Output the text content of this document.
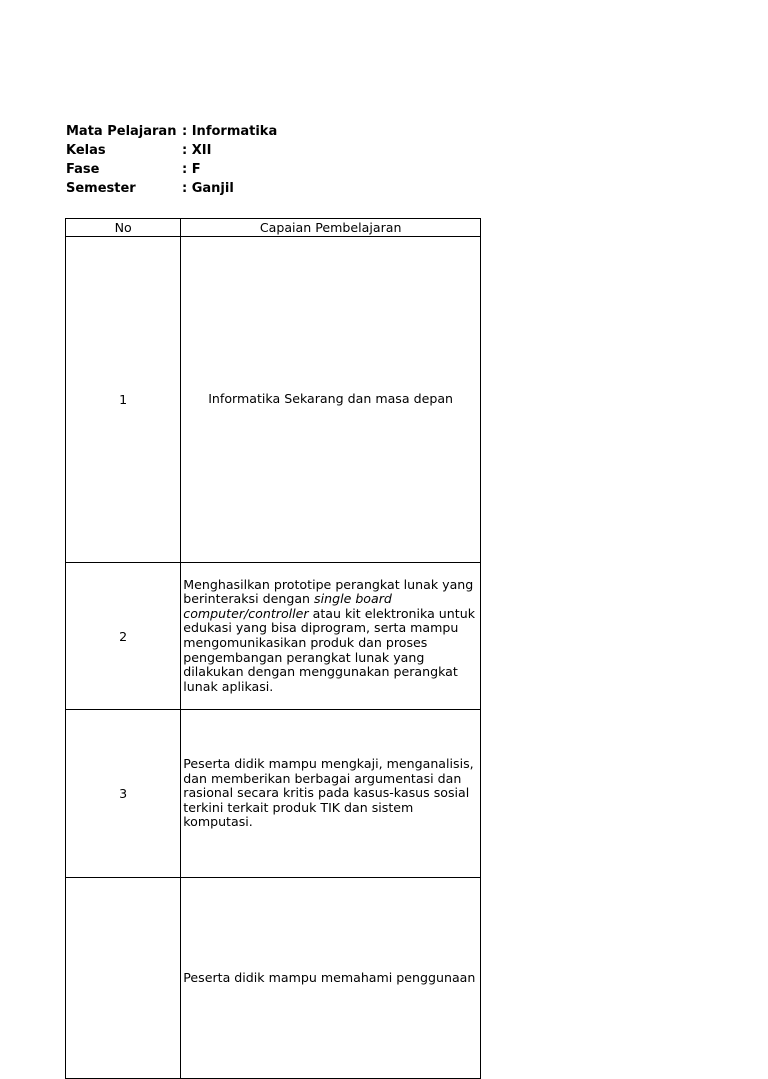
Mata Pelajaran : Informatika
Kelas	: XII
Fase	: F
Semester	: Ganjil
No	Capaian Pembelajaran
1	Informatika Sekarang dan masa depan
2	Menghasilkan prototipe perangkat lunak yang berinteraksi dengan single board computer/controller atau kit elektronika untuk edukasi yang bisa diprogram, serta mampu mengomunikasikan produk dan proses pengembangan perangkat lunak yang dilakukan dengan menggunakan perangkat lunak aplikasi.
3	Peserta didik mampu mengkaji, menganalisis, dan memberikan berbagai argumentasi dan rasional secara kritis pada kasus-kasus sosial terkini terkait produk TIK dan sistem komputasi.
	Peserta didik mampu memahami penggunaan
